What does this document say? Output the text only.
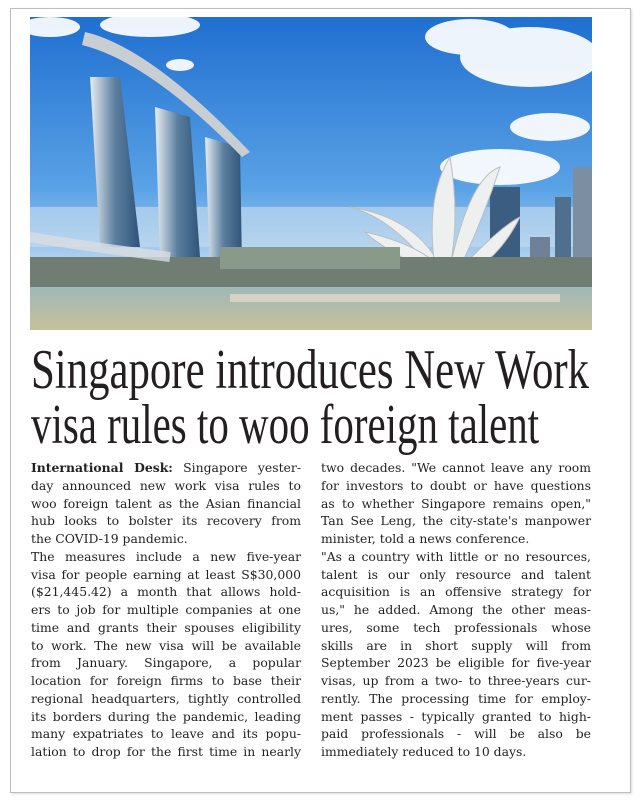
Singapore introduces New Work
visa rules to woo foreign talent
International Desk: Singapore yester-
day announced new work visa rules to
woo foreign talent as the Asian financial
hub looks to bolster its recovery from
the COVID-19 pandemic.
The measures include a new five-year
visa for people earning at least S$30,000
($21,445.42) a month that allows hold-
ers to job for multiple companies at one
time and grants their spouses eligibility
to work. The new visa will be available
from January. Singapore, a popular
location for foreign firms to base their
regional headquarters, tightly controlled
its borders during the pandemic, leading
many expatriates to leave and its popu-
lation to drop for the first time in nearly
two decades. "We cannot leave any room
for investors to doubt or have questions
as to whether Singapore remains open,"
Tan See Leng, the city-state's manpower
minister, told a news conference.
"As a country with little or no resources,
talent is our only resource and talent
acquisition is an offensive strategy for
us," he added. Among the other meas-
ures, some tech professionals whose
skills are in short supply will from
September 2023 be eligible for five-year
visas, up from a two- to three-years cur-
rently. The processing time for employ-
ment passes - typically granted to high-
paid professionals - will be also be
immediately reduced to 10 days.
